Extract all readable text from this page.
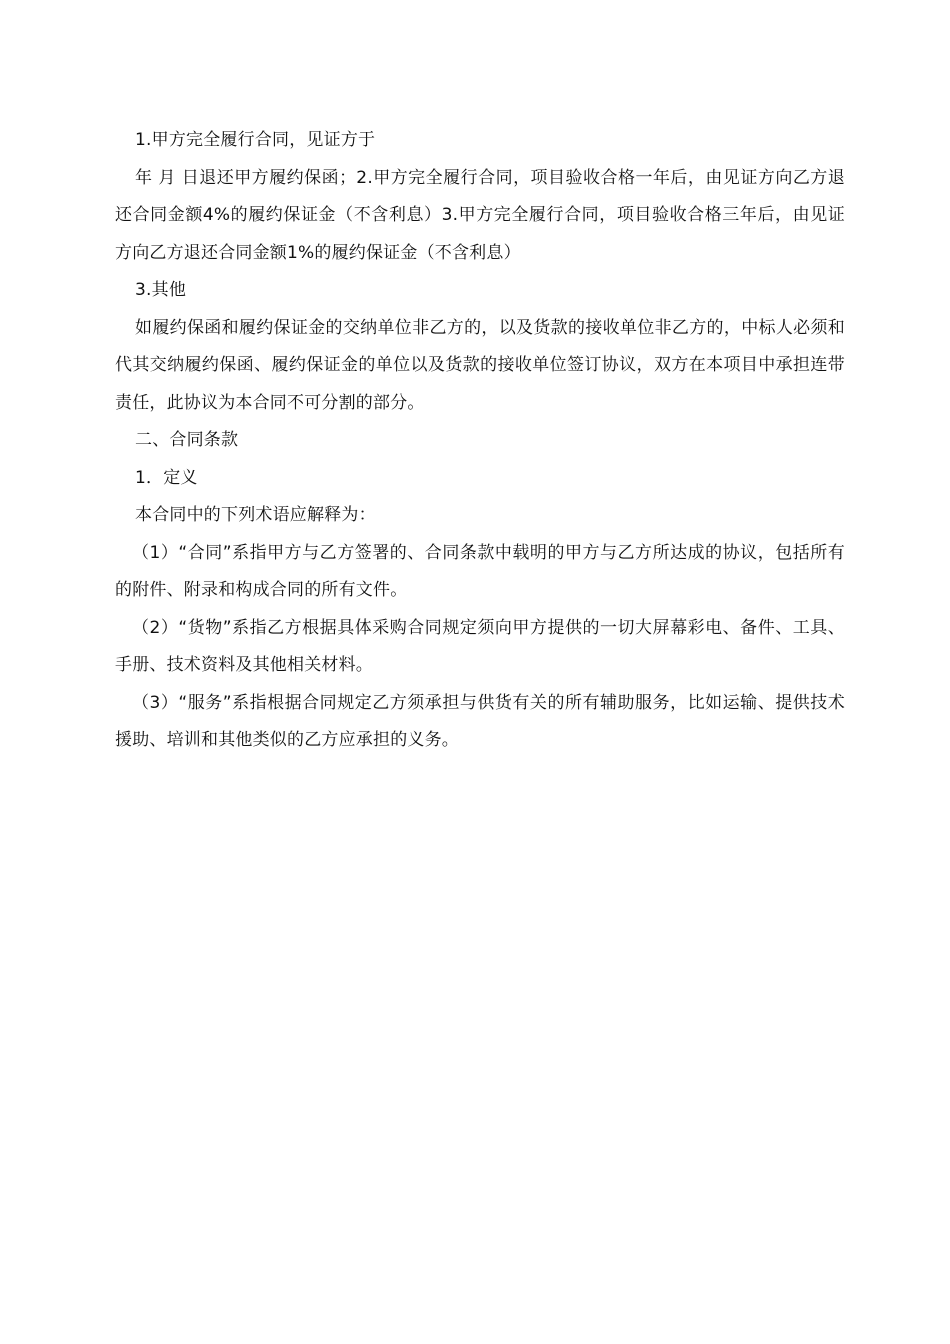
1.甲方完全履行合同，见证方于
年 月 日退还甲方履约保函；2.甲方完全履行合同，项目验收合格一年后，由见证方向乙方退还合同金额4%的履约保证金（不含利息）3.甲方完全履行合同，项目验收合格三年后，由见证方向乙方退还合同金额1%的履约保证金（不含利息）
3.其他
如履约保函和履约保证金的交纳单位非乙方的，以及货款的接收单位非乙方的，中标人必须和代其交纳履约保函、履约保证金的单位以及货款的接收单位签订协议，双方在本项目中承担连带责任，此协议为本合同不可分割的部分。
二、合同条款
1．定义
本合同中的下列术语应解释为：
（1）“合同”系指甲方与乙方签署的、合同条款中载明的甲方与乙方所达成的协议，包括所有的附件、附录和构成合同的所有文件。
（2）“货物”系指乙方根据具体采购合同规定须向甲方提供的一切大屏幕彩电、备件、工具、手册、技术资料及其他相关材料。
（3）“服务”系指根据合同规定乙方须承担与供货有关的所有辅助服务，比如运输、提供技术援助、培训和其他类似的乙方应承担的义务。
